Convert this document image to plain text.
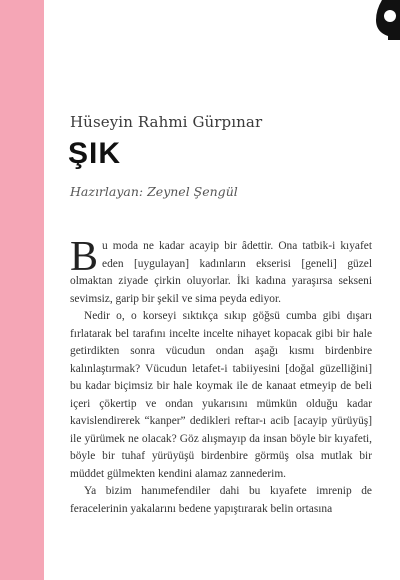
Hüseyin Rahmi Gürpınar
ŞIK
Hazırlayan: Zeynel Şengül

Bu moda ne kadar acayip bir âdettir. Ona tatbik-i kıyafet eden [uygulayan] kadınların ekserisi [geneli] güzel olmaktan ziyade çirkin oluyorlar. İki kadına yaraşırsa sekseni sevimsiz, garip bir şekil ve sima peyda ediyor.

Nedir o, o korseyi sıktıkça sıkıp göğsü cumba gibi dışarı fırlatarak bel tarafını incelte incelte nihayet kopacak gibi bir hale getirdikten sonra vücudun ondan aşağı kısmı birdenbire kalınlaştırmak? Vücudun letafet-i tabiiyesini [doğal güzelliğini] bu kadar biçimsiz bir hale koymak ile de kanaat etmeyip de beli içeri çökertip ve ondan yukarısını mümkün olduğu kadar kavislendirerek “kanper” dedikleri reftar-ı acib [acayip yürüyüş] ile yürümek ne olacak? Göz alışmayıp da insan böyle bir kıyafeti, böyle bir tuhaf yürüyüşü birdenbire görmüş olsa mutlak bir müddet gülmekten kendini alamaz zannederim.

Ya bizim hanımefendiler dahi bu kıyafete imrenip de feracelerinin yakalarını bedene yapıştırarak belin ortasına
